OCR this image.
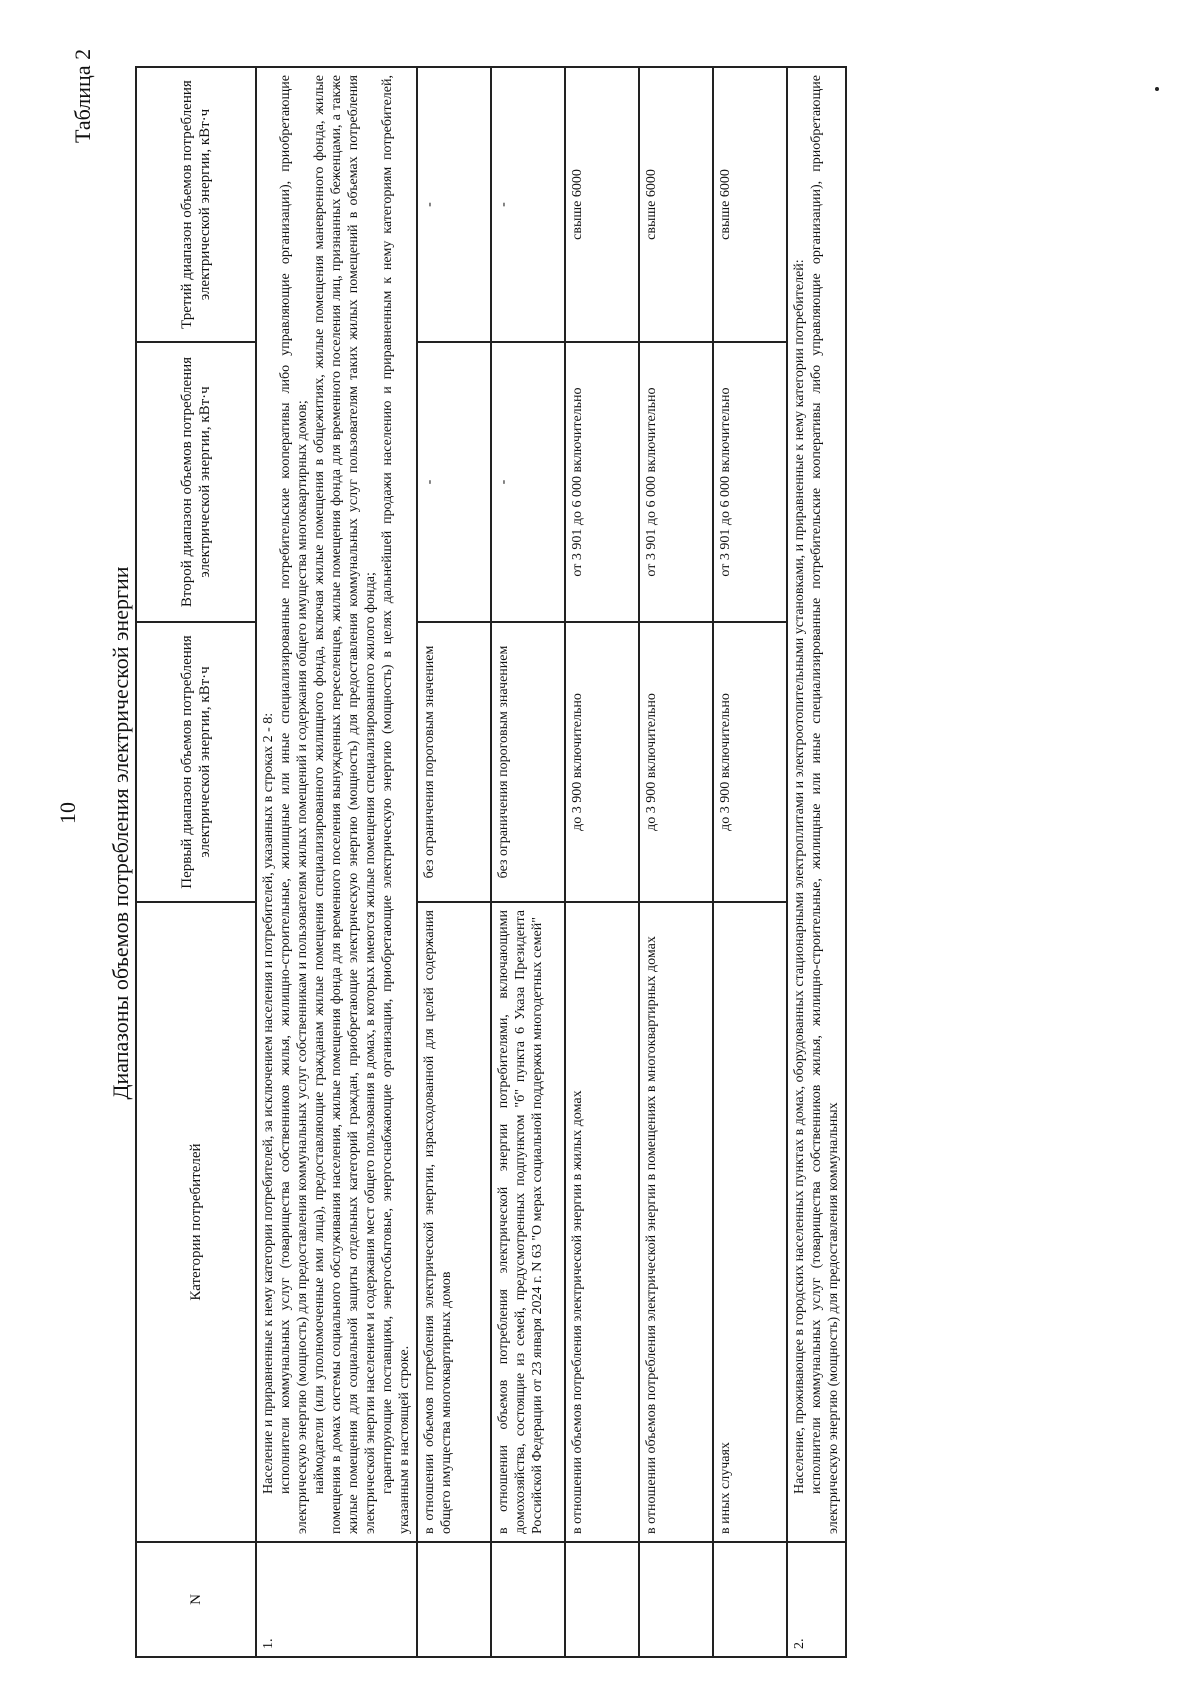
10
Таблица 2
Диапазоны объемов потребления электрической энергии
N	Категории потребителей	Первый диапазон объемов потребления электрической энергии, кВт·ч	Второй диапазон объемов потребления электрической энергии, кВт·ч	Третий диапазон объемов потребления электрической энергии, кВт·ч
1.	Население и приравненные к нему категории потребителей, за исключением населения и потребителей, указанных в строках 2 - 8: исполнители коммунальных услуг (товарищества собственников жилья, жилищно-строительные, жилищные или иные специализированные потребительские кооперативы либо управляющие организации), приобретающие электрическую энергию (мощность) для предоставления коммунальных услуг собственникам и пользователям жилых помещений и содержания общего имущества многоквартирных домов; наймодатели (или уполномоченные ими лица), предоставляющие гражданам жилые помещения специализированного жилищного фонда, включая жилые помещения в общежитиях, жилые помещения маневренного фонда, жилые помещения в домах системы социального обслуживания населения, жилые помещения фонда для временного поселения вынужденных переселенцев, жилые помещения фонда для временного поселения лиц, признанных беженцами, а также жилые помещения для социальной защиты отдельных категорий граждан, приобретающие электрическую энергию (мощность) для предоставления коммунальных услуг пользователям таких жилых помещений в объемах потребления электрической энергии населением и содержания мест общего пользования в домах, в которых имеются жилые помещения специализированного жилого фонда; гарантирующие поставщики, энергосбытовые, энергоснабжающие организации, приобретающие электрическую энергию (мощность) в целях дальнейшей продажи населению и приравненным к нему категориям потребителей, указанным в настоящей строке.			

	в отношении объемов потребления электрической энергии, израсходованной для целей содержания общего имущества многоквартирных домов	без ограничения пороговым значением	-	-
	в отношении объемов потребления электрической энергии потребителями, включающими домохозяйства, состоящие из семей, предусмотренных подпунктом "б" пункта 6 Указа Президента Российской Федерации от 23 января 2024 г. N 63 "О мерах социальной поддержки многодетных семей"	без ограничения пороговым значением	-	-
	в отношении объемов потребления электрической энергии в жилых домах	до 3 900 включительно	от 3 901 до 6 000 включительно	свыше 6000
	в отношении объемов потребления электрической энергии в помещениях в многоквартирных домах	до 3 900 включительно	от 3 901 до 6 000 включительно	свыше 6000
	в иных случаях	до 3 900 включительно	от 3 901 до 6 000 включительно	свыше 6000
2.	Население, проживающее в городских населенных пунктах в домах, оборудованных стационарными электроплитами и электроотопительными установками, и приравненные к нему категории потребителей: исполнители коммунальных услуг (товарищества собственников жилья, жилищно-строительные, жилищные или иные специализированные потребительские кооперативы либо управляющие организации), приобретающие электрическую энергию (мощность) для предоставления коммунальных			
